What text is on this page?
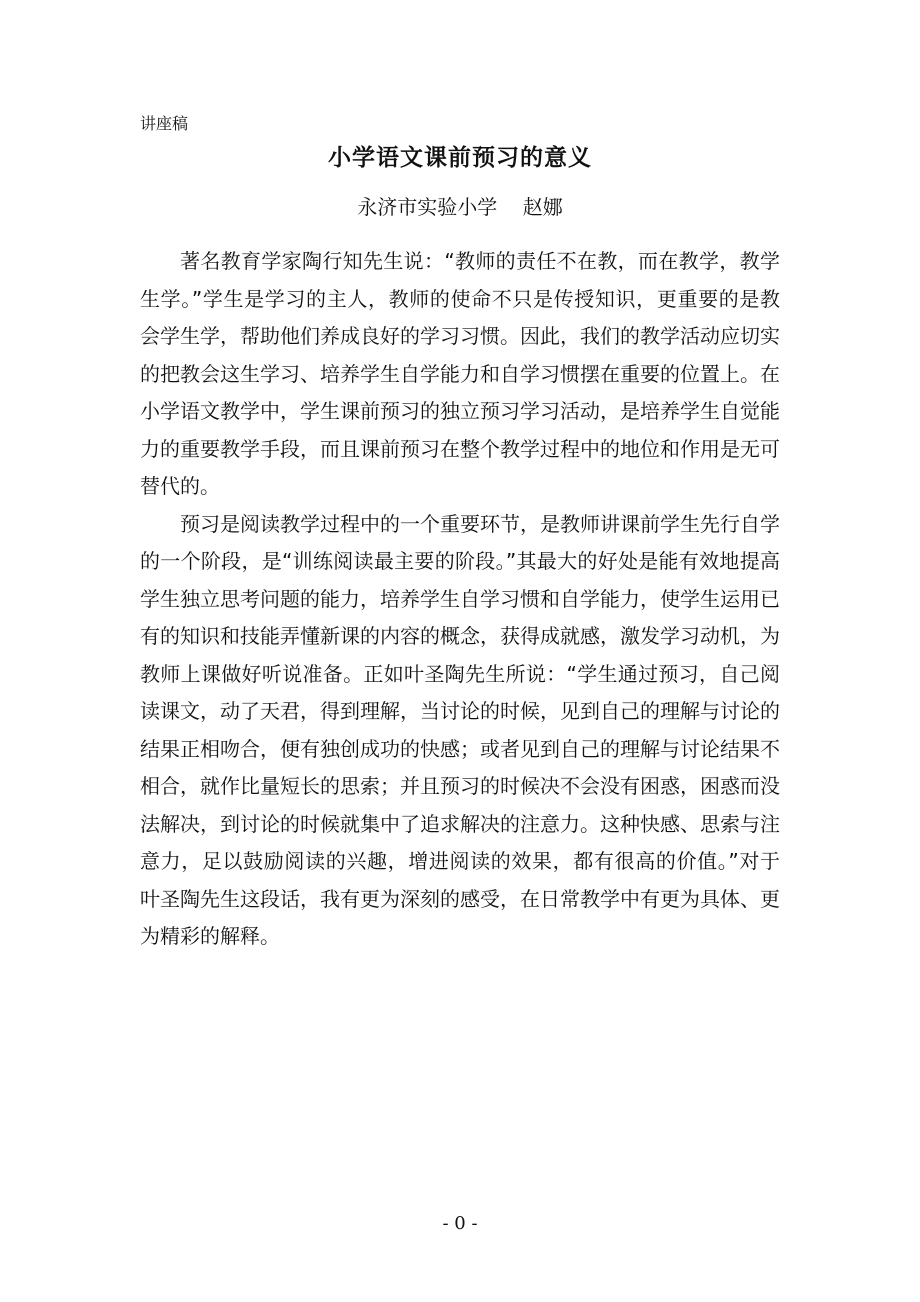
讲座稿
小学语文课前预习的意义
永济市实验小学    赵娜

著名教育学家陶行知先生说：“教师的责任不在教，而在教学，教学生学。”学生是学习的主人，教师的使命不只是传授知识，更重要的是教会学生学，帮助他们养成良好的学习习惯。因此，我们的教学活动应切实的把教会这生学习、培养学生自学能力和自学习惯摆在重要的位置上。在小学语文教学中，学生课前预习的独立预习学习活动，是培养学生自觉能力的重要教学手段，而且课前预习在整个教学过程中的地位和作用是无可替代的。

预习是阅读教学过程中的一个重要环节，是教师讲课前学生先行自学的一个阶段，是“训练阅读最主要的阶段。”其最大的好处是能有效地提高学生独立思考问题的能力，培养学生自学习惯和自学能力，使学生运用已有的知识和技能弄懂新课的内容的概念，获得成就感，激发学习动机，为教师上课做好听说准备。正如叶圣陶先生所说：“学生通过预习，自己阅读课文，动了天君，得到理解，当讨论的时候，见到自己的理解与讨论的结果正相吻合，便有独创成功的快感；或者见到自己的理解与讨论结果不相合，就作比量短长的思索；并且预习的时候决不会没有困惑，困惑而没法解决，到讨论的时候就集中了追求解决的注意力。这种快感、思索与注意力，足以鼓励阅读的兴趣，增进阅读的效果，都有很高的价值。”对于叶圣陶先生这段话，我有更为深刻的感受，在日常教学中有更为具体、更为精彩的解释。

- 0 -
